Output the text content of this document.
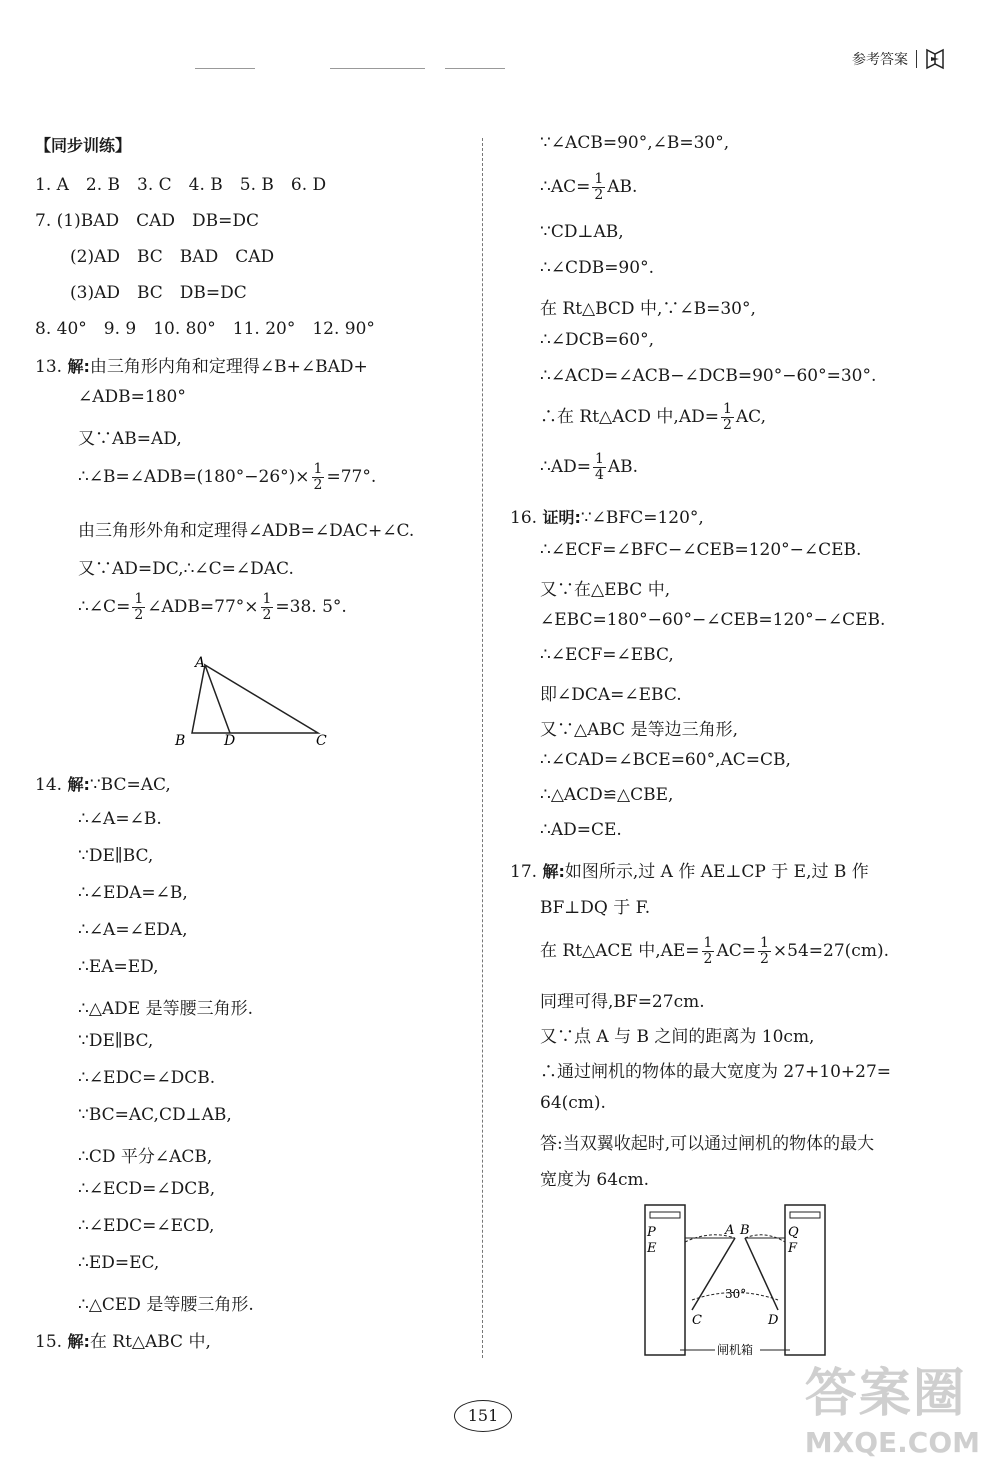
参考答案
【同步训练】
1. A　2. B　3. C　4. B　5. B　6. D
7. (1)BAD　CAD　DB=DC
(2)AD　BC　BAD　CAD
(3)AD　BC　DB=DC
8. 40°　9. 9　10. 80°　11. 20°　12. 90°
13. 解:由三角形内角和定理得∠B+∠BAD+
∠ADB=180°
又∵AB=AD,
∴∠B=∠ADB=(180°−26°)× $\frac{1}{2} =77^\circ$.
由三角形外角和定理得∠ADB=∠DAC+∠C.
又∵AD=DC,∴∠C=∠DAC.
∴∠C= $\frac{1}{2}$ ∠ADB=77°× $\frac{1}{2} =38$. 5°.
A
B	D	C
14. 解:∵BC=AC,
∴∠A=∠B.
∵DE∥BC,
∴∠EDA=∠B,
∴∠A=∠EDA,
∴EA=ED,
∴△ADE 是等腰三角形.
∵DE∥BC,
∴∠EDC=∠DCB.
∵BC=AC,CD⊥AB,
∴CD 平分∠ACB,
∴∠ECD=∠DCB,
∴∠EDC=∠ECD,
∴ED=EC,
∴△CED 是等腰三角形.
15. 解:在 Rt△ABC 中,
∵∠ACB=90°,∠B=30°,
∴AC= $\frac{1}{2}$ AB.
∵CD⊥AB,
∴∠CDB=90°.
在 Rt△BCD 中,∵∠B=30°,
∴∠DCB=60°,
∴∠ACD=∠ACB−∠DCB=90°−60°=30°.
∴在 Rt△ACD 中$,AD= \frac{1}{2}$ AC,
∴AD= $\frac{1}{4}$ AB.
16. 证明:∵∠BFC=120°,
∴∠ECF=∠BFC−∠CEB=120°−∠CEB.
又∵在△EBC 中,
∠EBC=180°−60°−∠CEB=120°−∠CEB.
∴∠ECF=∠EBC,
即∠DCA=∠EBC.
又∵△ABC 是等边三角形,
∴∠CAD=∠BCE=60°,AC=CB,
∴△ACD≌△CBE,
∴AD=CE.
17. 解:如图所示,过 A 作 AE⊥CP 于 E,过 B 作
BF⊥DQ 于 F.
在 Rt△ACE 中$,AE= \frac{1}{2} AC= \frac{1}{2} \times 54=27(cm)$.
同理可得,BF=27cm.
又∵点 A 与 B 之间的距离为 10cm,
∴通过闸机的物体的最大宽度为 27+10+27=
64(cm).
答:当双翼收起时,可以通过闸机的物体的最大
宽度为 64cm.
P
E
A B	Q
F
C	D
30°
闸机箱
151	答案圈
MXQE.COM
